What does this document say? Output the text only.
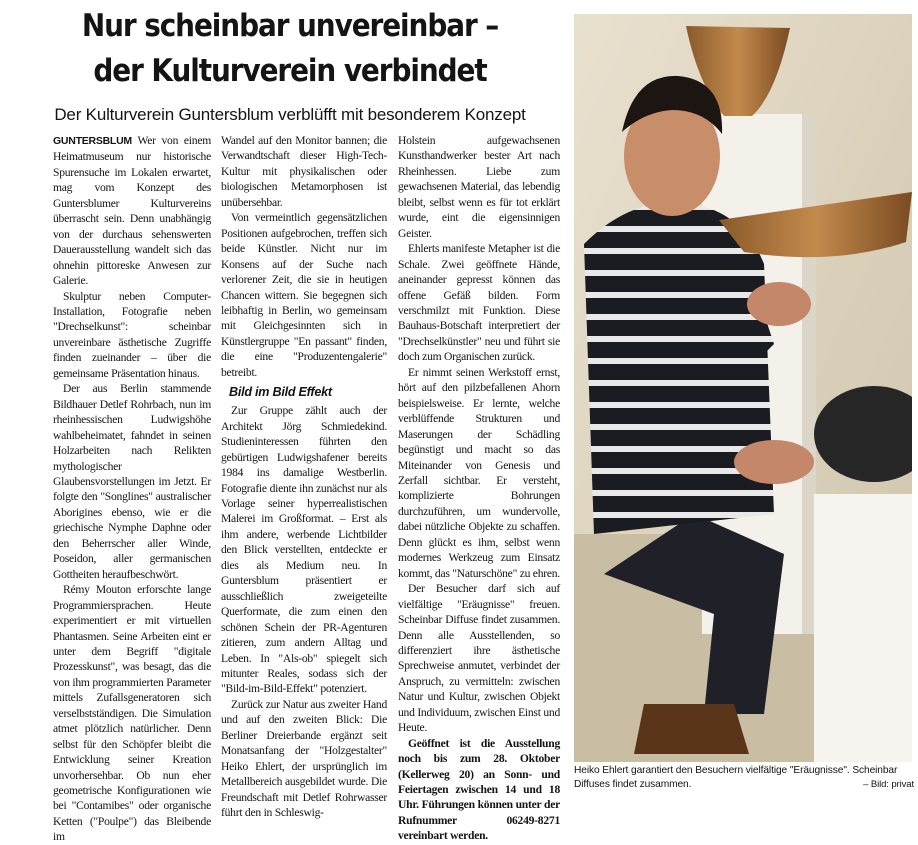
Nur scheinbar unvereinbar –
der Kulturverein verbindet
Der Kulturverein Guntersblum verblüfft mit besonderem Konzept

GUNTERSBLUM Wer von einem Heimatmuseum nur historische Spurensuche im Lokalen erwartet, mag vom Konzept des Guntersblumer Kulturvereins überrascht sein. Denn unabhängig von der durchaus sehenswerten Dauerausstellung wandelt sich das ohnehin pittoreske Anwesen zur Galerie.

Skulptur neben Computer-Installation, Fotografie neben "Drechselkunst": scheinbar unvereinbare ästhetische Zugriffe finden zueinander – über die gemeinsame Präsentation hinaus.

Der aus Berlin stammende Bildhauer Detlef Rohrbach, nun im rheinhessischen Ludwigshöhe wahlbeheimatet, fahndet in seinen Holzarbeiten nach Relikten mythologischer Glaubensvorstellungen im Jetzt. Er folgte den "Songlines" australischer Aborigines ebenso, wie er die griechische Nymphe Daphne oder den Beherrscher aller Winde, Poseidon, aller germanischen Gottheiten heraufbeschwört.

Rémy Mouton erforschte lange Programmiersprachen. Heute experimentiert er mit virtuellen Phantasmen. Seine Arbeiten eint er unter dem Begriff "digitale Prozesskunst", was besagt, das die von ihm programmierten Parameter mittels Zufallsgeneratoren sich verselbstständigen. Die Simulation atmet plötzlich natürlicher. Denn selbst für den Schöpfer bleibt die Entwicklung seiner Kreation unvorhersehbar. Ob nun eher geometrische Konfigurationen wie bei "Contamibes" oder organische Ketten ("Poulpe") das Bleibende im

Wandel auf den Monitor bannen; die Verwandtschaft dieser High-Tech-Kultur mit physikalischen oder biologischen Metamorphosen ist unübersehbar.

Von vermeintlich gegensätzlichen Positionen aufgebrochen, treffen sich beide Künstler. Nicht nur im Konsens auf der Suche nach verlorener Zeit, die sie in heutigen Chancen wittern. Sie begegnen sich leibhaftig in Berlin, wo gemeinsam mit Gleichgesinnten sich in Künstlergruppe "En passant" finden, die eine "Produzentengalerie" betreibt.

Bild im Bild Effekt

Zur Gruppe zählt auch der Architekt Jörg Schmiedekind. Studieninteressen führten den gebürtigen Ludwigshafener bereits 1984 ins damalige Westberlin. Fotografie diente ihn zunächst nur als Vorlage seiner hyperrealistischen Malerei im Großformat. – Erst als ihm andere, werbende Lichtbilder den Blick verstellten, entdeckte er dies als Medium neu. In Guntersblum präsentiert er ausschließlich zweigeteilte Querformate, die zum einen den schönen Schein der PR-Agenturen zitieren, zum andern Alltag und Leben. In "Als-ob" spiegelt sich mitunter Reales, sodass sich der "Bild-im-Bild-Effekt" potenziert.

Zurück zur Natur aus zweiter Hand und auf den zweiten Blick: Die Berliner Dreierbande ergänzt seit Monatsanfang der "Holzgestalter" Heiko Ehlert, der ursprünglich im Metallbereich ausgebildet wurde. Die Freundschaft mit Detlef Rohrwasser führt den in Schleswig-

Holstein aufgewachsenen Kunsthandwerker bester Art nach Rheinhessen. Liebe zum gewachsenen Material, das lebendig bleibt, selbst wenn es für tot erklärt wurde, eint die eigensinnigen Geister.

Ehlerts manifeste Metapher ist die Schale. Zwei geöffnete Hände, aneinander gepresst können das offene Gefäß bilden. Form verschmilzt mit Funktion. Diese Bauhaus-Botschaft interpretiert der "Drechselkünstler" neu und führt sie doch zum Organischen zurück.

Er nimmt seinen Werkstoff ernst, hört auf den pilzbefallenen Ahorn beispielsweise. Er lernte, welche verblüffende Strukturen und Maserungen der Schädling begünstigt und macht so das Miteinander von Genesis und Zerfall sichtbar. Er versteht, komplizierte Bohrungen durchzuführen, um wundervolle, dabei nützliche Objekte zu schaffen. Denn glückt es ihm, selbst wenn modernes Werkzeug zum Einsatz kommt, das "Naturschöne" zu ehren.

Der Besucher darf sich auf vielfältige "Eräugnisse" freuen. Scheinbar Diffuse findet zusammen. Denn alle Ausstellenden, so differenziert ihre ästhetische Sprechweise anmutet, verbindet der Anspruch, zu vermitteln: zwischen Natur und Kultur, zwischen Objekt und Individuum, zwischen Einst und Heute.

Geöffnet ist die Ausstellung noch bis zum 28. Oktober (Kellerweg 20) an Sonn- und Feiertagen zwischen 14 und 18 Uhr. Führungen können unter der Rufnummer 06249-8271 vereinbart werden.

Heiko Ehlert garantiert den Besuchern vielfältige "Eräugnisse". Scheinbar Diffuses findet zusammen.	– Bild: privat
